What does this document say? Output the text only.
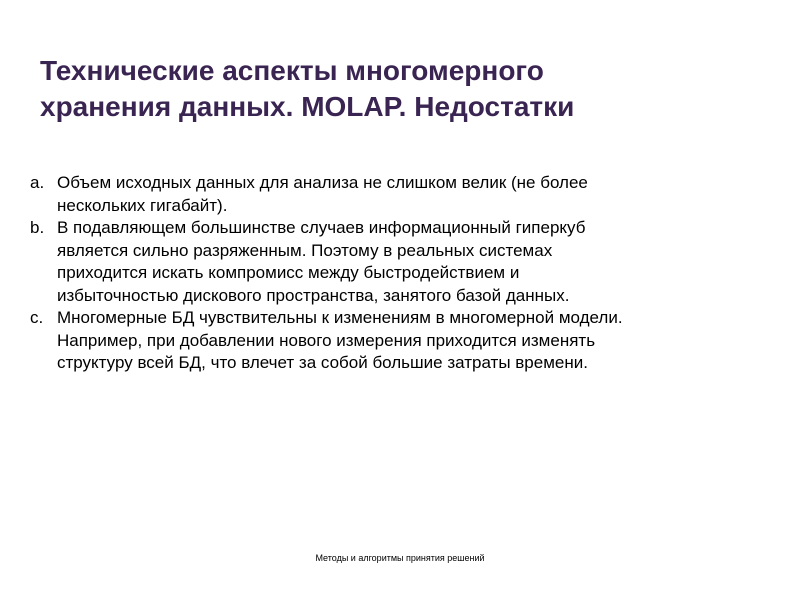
Технические аспекты многомерного
хранения данных. MOLAP. Недостатки
a. Объем исходных данных для анализа не слишком велик (не более
нескольких гигабайт).
b. В подавляющем большинстве случаев информационный гиперкуб
является сильно разряженным. Поэтому в реальных системах
приходится искать компромисс между быстродействием и
избыточностью дискового пространства, занятого базой данных.
c. Многомерные БД чувствительны к изменениям в многомерной модели.
Например, при добавлении нового измерения приходится изменять
структуру всей БД, что влечет за собой большие затраты времени.
Методы и алгоритмы принятия решений
